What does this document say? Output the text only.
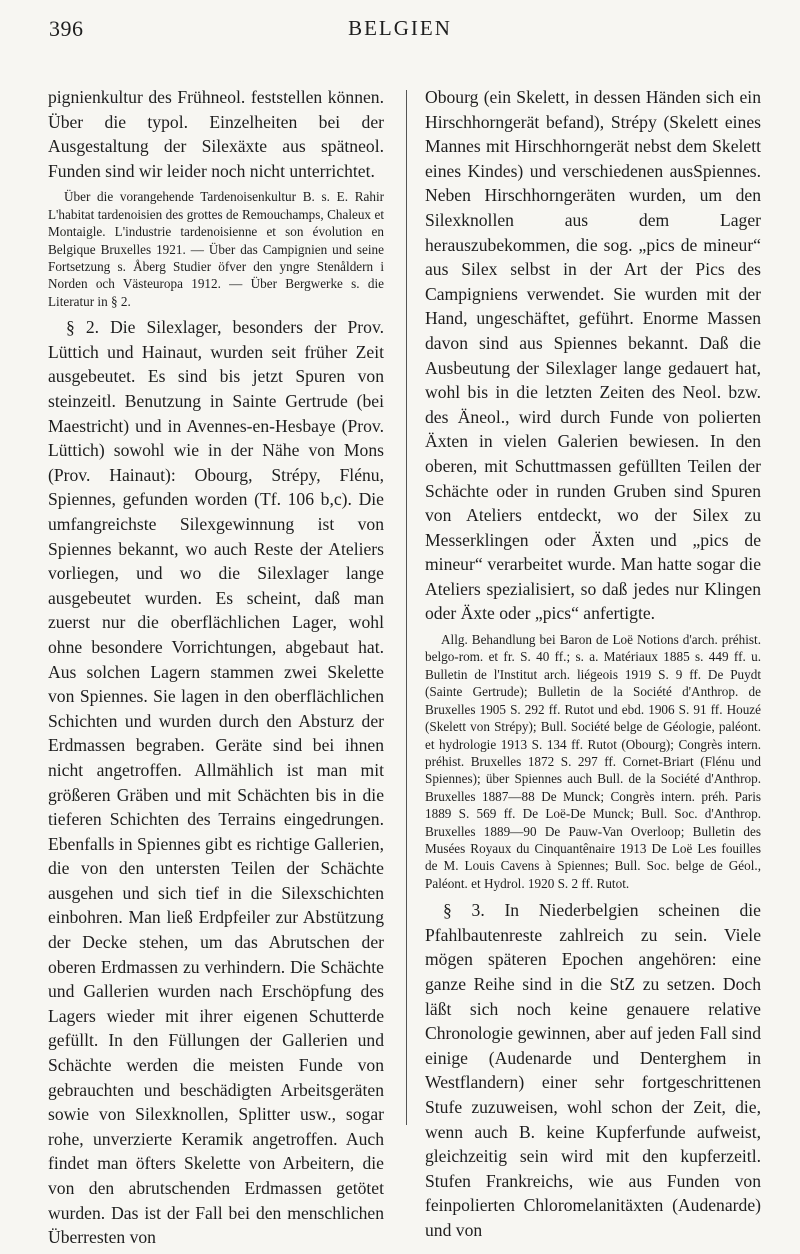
396	BELGIEN

pignienkultur des Frühneol. feststellen können. Über die typol. Einzelheiten bei der Ausgestaltung der Silexäxte aus spätneol. Funden sind wir leider noch nicht unterrichtet.

Über die vorangehende Tardenoisenkultur B. s. E. Rahir L'habitat tardenoisien des grottes de Remouchamps, Chaleux et Montaigle. L'industrie tardenoisienne et son évolution en Belgique Bruxelles 1921. — Über das Campignien und seine Fortsetzung s. Åberg Studier öfver den yngre Stenåldern i Norden och Västeuropa 1912. — Über Bergwerke s. die Literatur in § 2.

§ 2. Die Silexlager, besonders der Prov. Lüttich und Hainaut, wurden seit früher Zeit ausgebeutet. Es sind bis jetzt Spuren von steinzeitl. Benutzung in Sainte Gertrude (bei Maestricht) und in Avennes-en-Hesbaye (Prov. Lüttich) sowohl wie in der Nähe von Mons (Prov. Hainaut): Obourg, Strépy, Flénu, Spiennes, gefunden worden (Tf. 106 b,c). Die umfangreichste Silexgewinnung ist von Spiennes bekannt, wo auch Reste der Ateliers vorliegen, und wo die Silexlager lange ausgebeutet wurden. Es scheint, daß man zuerst nur die oberflächlichen Lager, wohl ohne besondere Vorrichtungen, abgebaut hat. Aus solchen Lagern stammen zwei Skelette von Spiennes. Sie lagen in den oberflächlichen Schichten und wurden durch den Absturz der Erdmassen begraben. Geräte sind bei ihnen nicht angetroffen. Allmählich ist man mit größeren Gräben und mit Schächten bis in die tieferen Schichten des Terrains eingedrungen. Ebenfalls in Spiennes gibt es richtige Gallerien, die von den untersten Teilen der Schächte ausgehen und sich tief in die Silexschichten einbohren. Man ließ Erdpfeiler zur Abstützung der Decke stehen, um das Abrutschen der oberen Erdmassen zu verhindern. Die Schächte und Gallerien wurden nach Erschöpfung des Lagers wieder mit ihrer eigenen Schutterde gefüllt. In den Füllungen der Gallerien und Schächte werden die meisten Funde von gebrauchten und beschädigten Arbeitsgeräten sowie von Silexknollen, Splitter usw., sogar rohe, unverzierte Keramik angetroffen. Auch findet man öfters Skelette von Arbeitern, die von den abrutschenden Erdmassen getötet wurden. Das ist der Fall bei den menschlichen Überresten von

Obourg (ein Skelett, in dessen Händen sich ein Hirschhorngerät befand), Strépy (Skelett eines Mannes mit Hirschhorngerät nebst dem Skelett eines Kindes) und verschiedenen ausSpiennes. Neben Hirschhorngeräten wurden, um den Silexknollen aus dem Lager herauszubekommen, die sog. „pics de mineur“ aus Silex selbst in der Art der Pics des Campigniens verwendet. Sie wurden mit der Hand, ungeschäftet, geführt. Enorme Massen davon sind aus Spiennes bekannt. Daß die Ausbeutung der Silexlager lange gedauert hat, wohl bis in die letzten Zeiten des Neol. bzw. des Äneol., wird durch Funde von polierten Äxten in vielen Galerien bewiesen. In den oberen, mit Schuttmassen gefüllten Teilen der Schächte oder in runden Gruben sind Spuren von Ateliers entdeckt, wo der Silex zu Messerklingen oder Äxten und „pics de mineur“ verarbeitet wurde. Man hatte sogar die Ateliers spezialisiert, so daß jedes nur Klingen oder Äxte oder „pics“ anfertigte.

Allg. Behandlung bei Baron de Loë Notions d'arch. préhist. belgo-rom. et fr. S. 40 ff.; s. a. Matériaux 1885 s. 449 ff. u. Bulletin de l'Institut arch. liégeois 1919 S. 9 ff. De Puydt (Sainte Gertrude); Bulletin de la Société d'Anthrop. de Bruxelles 1905 S. 292 ff. Rutot und ebd. 1906 S. 91 ff. Houzé (Skelett von Strépy); Bull. Société belge de Géologie, paléont. et hydrologie 1913 S. 134 ff. Rutot (Obourg); Congrès intern. préhist. Bruxelles 1872 S. 297 ff. Cornet-Briart (Flénu und Spiennes); über Spiennes auch Bull. de la Société d'Anthrop. Bruxelles 1887—88 De Munck; Congrès intern. préh. Paris 1889 S. 569 ff. De Loë-De Munck; Bull. Soc. d'Anthrop. Bruxelles 1889—90 De Pauw-Van Overloop; Bulletin des Musées Royaux du Cinquantênaire 1913 De Loë Les fouilles de M. Louis Cavens à Spiennes; Bull. Soc. belge de Géol., Paléont. et Hydrol. 1920 S. 2 ff. Rutot.

§ 3. In Niederbelgien scheinen die Pfahlbautenreste zahlreich zu sein. Viele mögen späteren Epochen angehören: eine ganze Reihe sind in die StZ zu setzen. Doch läßt sich noch keine genauere relative Chronologie gewinnen, aber auf jeden Fall sind einige (Audenarde und Denterghem in Westflandern) einer sehr fortgeschrittenen Stufe zuzuweisen, wohl schon der Zeit, die, wenn auch B. keine Kupferfunde aufweist, gleichzeitig sein wird mit den kupferzeitl. Stufen Frankreichs, wie aus Funden von feinpolierten Chloromelanitäxten (Audenarde) und von
